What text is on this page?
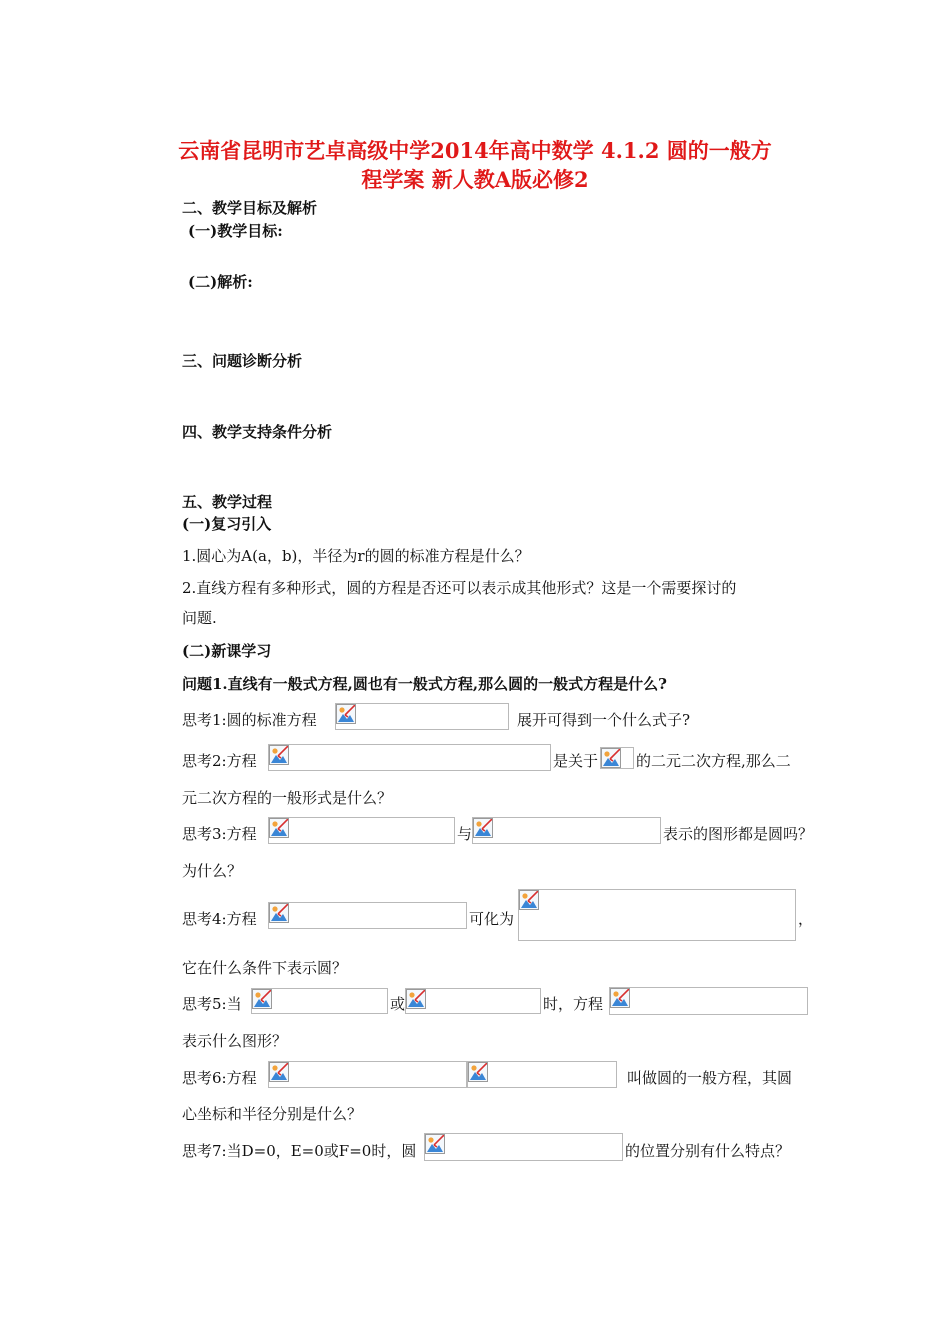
云南省昆明市艺卓高级中学2014年高中数学 4.1.2 圆的一般方
程学案 新人教A版必修2
二、教学目标及解析
(一)教学目标:
(二)解析:
三、问题诊断分析
四、教学支持条件分析
五、教学过程
(一)复习引入
1.圆心为A(a，b)，半径为r的圆的标准方程是什么？
2.直线方程有多种形式，圆的方程是否还可以表示成其他形式？这是一个需要探讨的
问题.
(二)新课学习
问题1.直线有一般式方程,圆也有一般式方程,那么圆的一般式方程是什么?
思考1:圆的标准方程	展开可得到一个什么式子?
思考2:方程	是关于	的二元二次方程,那么二
元二次方程的一般形式是什么？
思考3:方程	与	表示的图形都是圆吗？
为什么？
思考4:方程	可化为	，
它在什么条件下表示圆？
思考5:当	或	时，方程
表示什么图形？
思考6:方程	叫做圆的一般方程，其圆
心坐标和半径分别是什么？
思考7:当D=0，E=0或F=0时，圆	的位置分别有什么特点？
